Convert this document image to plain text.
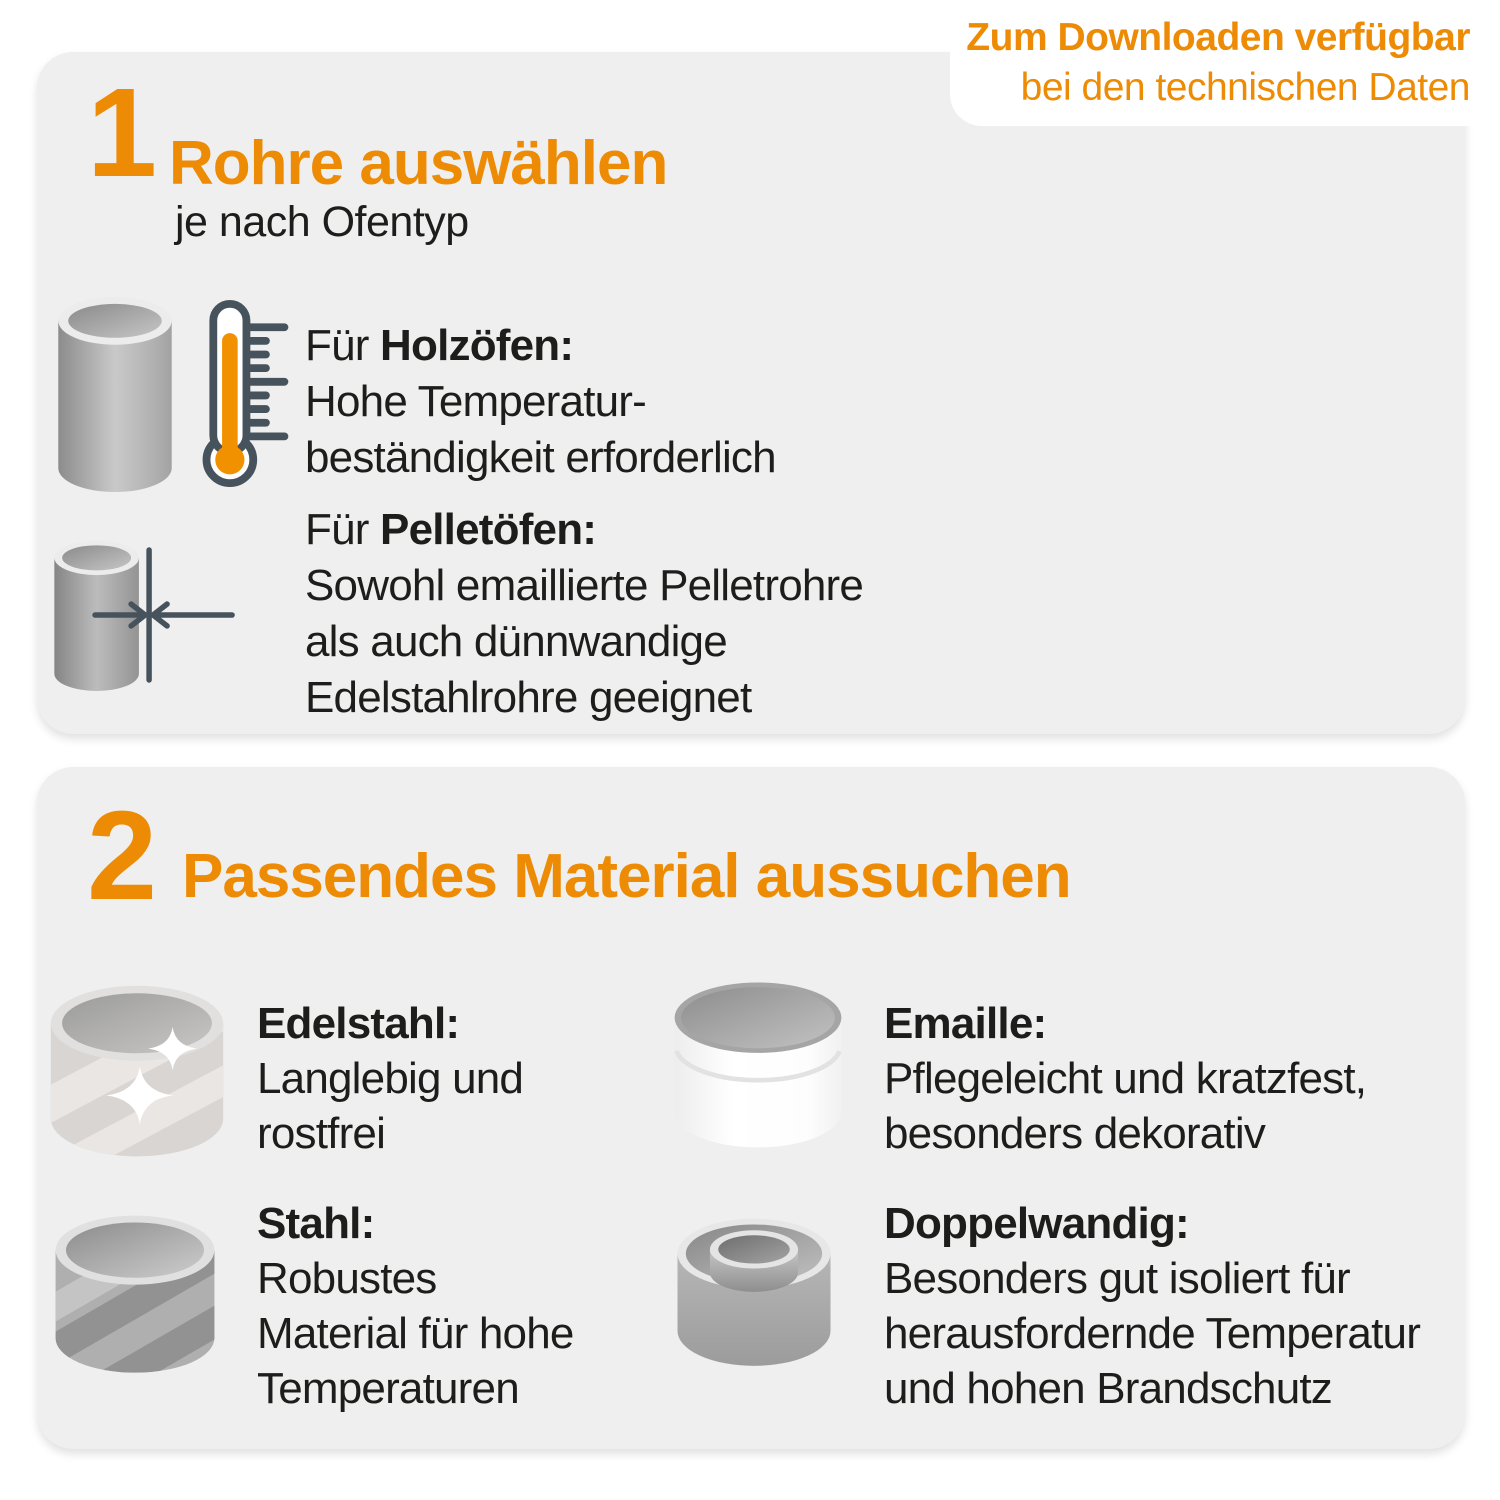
1 Rohre auswählen
je nach Ofentyp
Für Holzöfen:
Hohe Temperatur-
beständigkeit erforderlich
Für Pelletöfen:
Sowohl emaillierte Pelletrohre
als auch dünnwandige
Edelstahlrohre geeignet
Zum Downloaden verfügbar
bei den technischen Daten
2 Passendes Material aussuchen
Edelstahl:
Langlebig und
rostfrei
Emaille:
Pflegeleicht und kratzfest,
besonders dekorativ
Stahl:
Robustes
Material für hohe
Temperaturen
Doppelwandig:
Besonders gut isoliert für
herausfordernde Temperatur
und hohen Brandschutz
